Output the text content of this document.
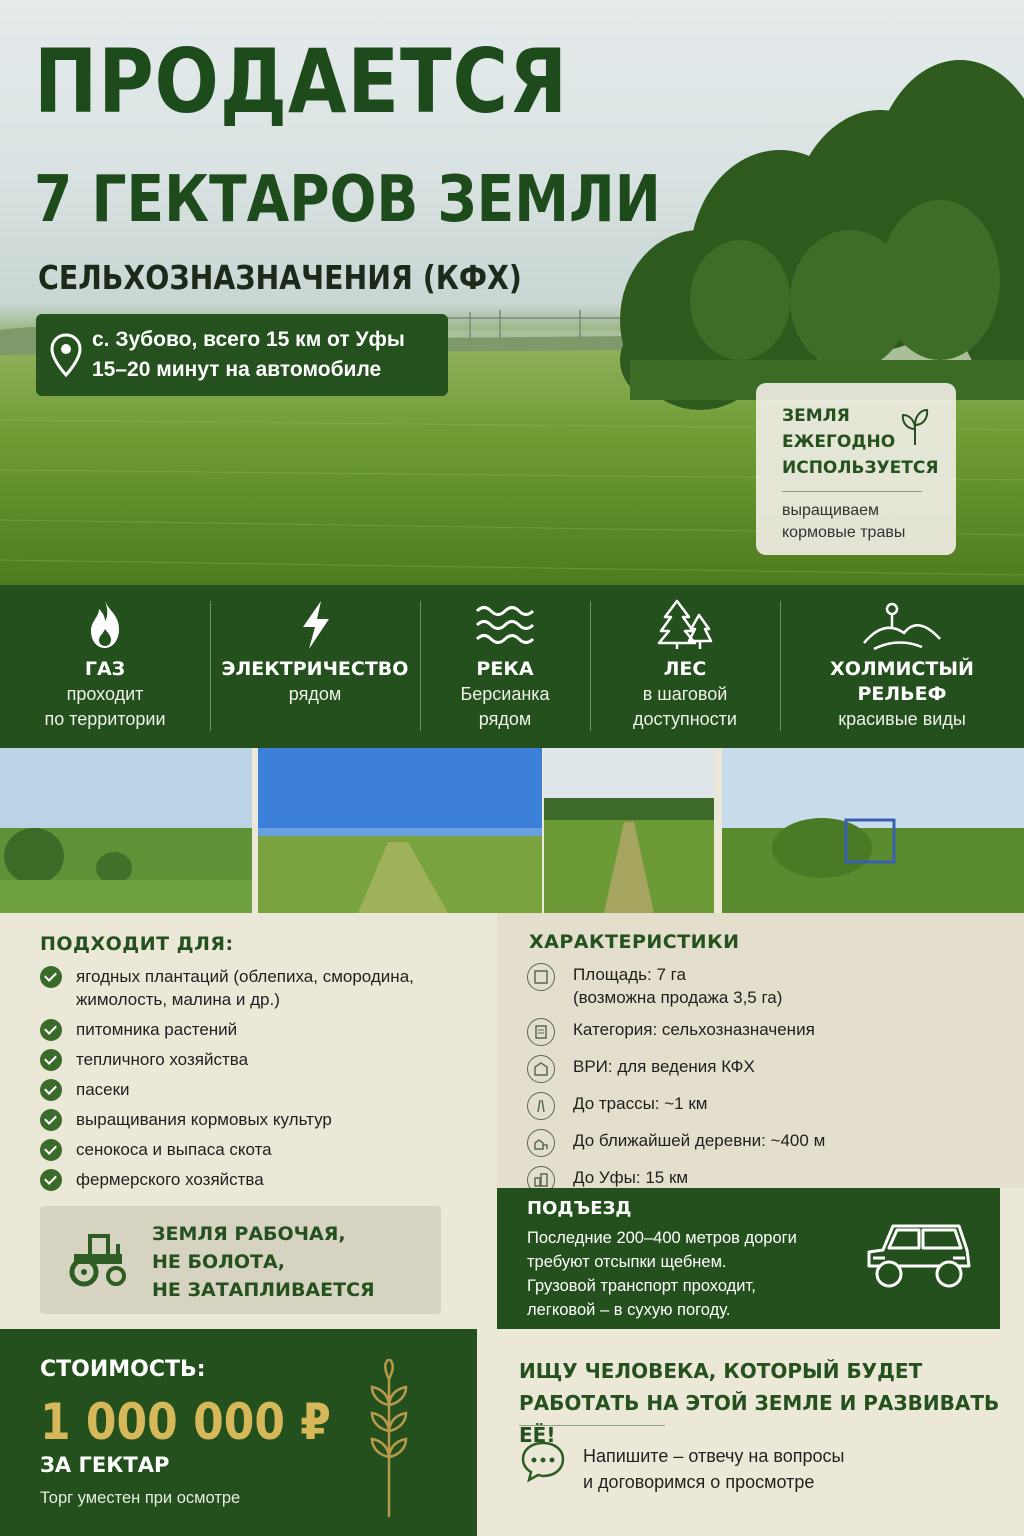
ПРОДАЕТСЯ
7 ГЕКТАРОВ ЗЕМЛИ
СЕЛЬХОЗНАЗНАЧЕНИЯ (КФХ)
с. Зубово, всего 15 км от Уфы
15–20 минут на автомобиле
ЗЕМЛЯ
ЕЖЕГОДНО
ИСПОЛЬЗУЕТСЯ
выращиваем
кормовые травы
ГАЗ
проходит
по территории
ЭЛЕКТРИЧЕСТВО
рядом
РЕКА
Берсианка
рядом
ЛЕС
в шаговой
доступности
ХОЛМИСТЫЙ
РЕЛЬЕФ
красивые виды
ПОДХОДИТ ДЛЯ:
ягодных плантаций (облепиха, смородина,
жимолость, малина и др.)
питомника растений
тепличного хозяйства
пасеки
выращивания кормовых культур
сенокоса и выпаса скота
фермерского хозяйства
ЗЕМЛЯ РАБОЧАЯ,
НЕ БОЛОТА,
НЕ ЗАТАПЛИВАЕТСЯ
ХАРАКТЕРИСТИКИ
Площадь: 7 га
(возможна продажа 3,5 га)
Категория: сельхозназначения
ВРИ: для ведения КФХ
До трассы: ~1 км
До ближайшей деревни: ~400 м
До Уфы: 15 км
ПОДЪЕЗД
Последние 200–400 метров дороги
требуют отсыпки щебнем.
Грузовой транспорт проходит,
легковой – в сухую погоду.
СТОИМОСТЬ:
1 000 000 ₽
ЗА ГЕКТАР
Торг уместен при осмотре
ИЩУ ЧЕЛОВЕКА, КОТОРЫЙ БУДЕТ
РАБОТАТЬ НА ЭТОЙ ЗЕМЛЕ И РАЗВИВАТЬ ЕЁ!
Напишите – отвечу на вопросы
и договоримся о просмотре
